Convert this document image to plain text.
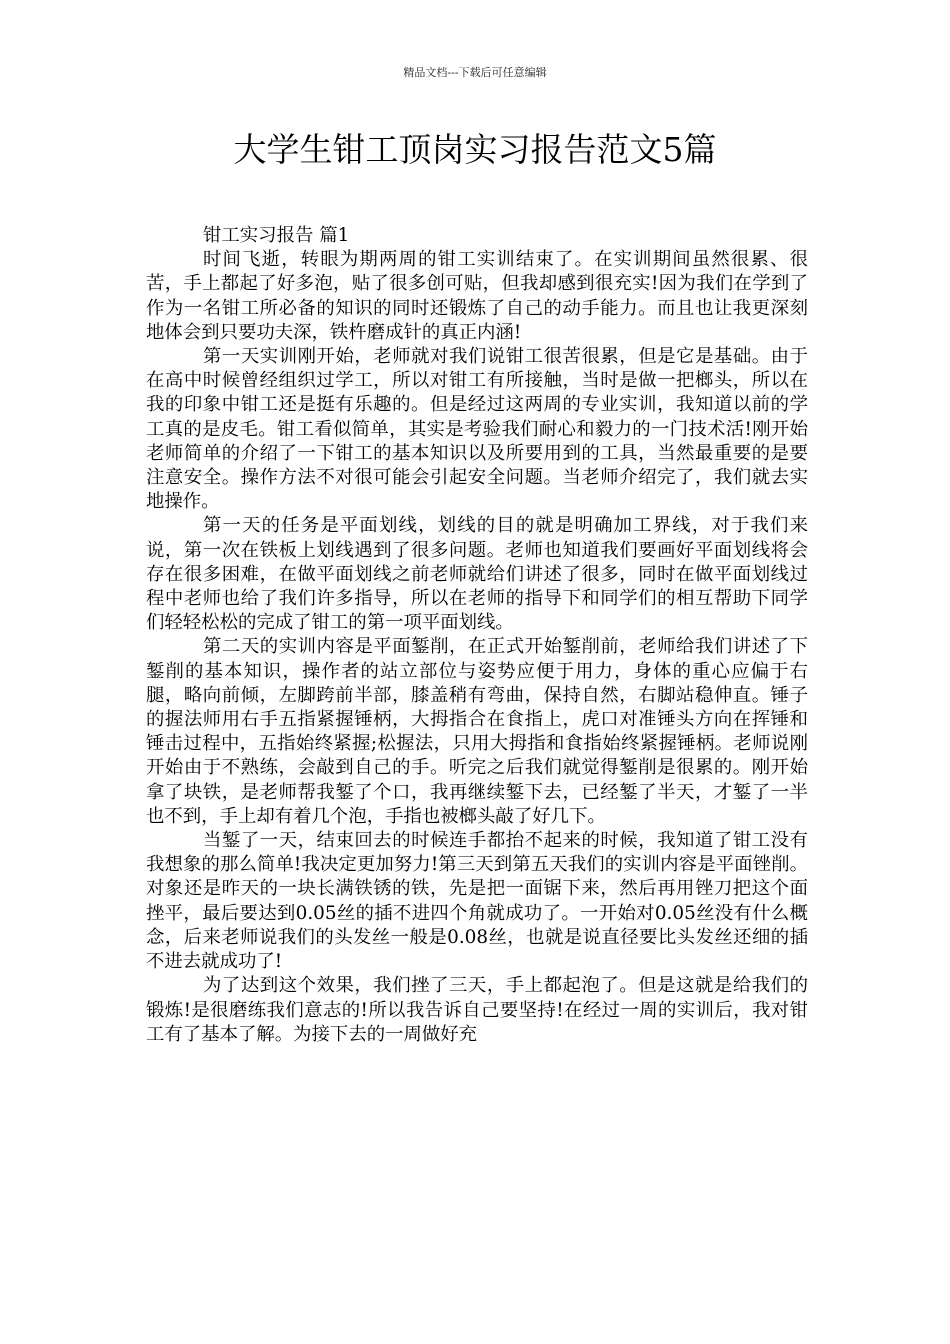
精品文档---下载后可任意编辑
大学生钳工顶岗实习报告范文5篇

钳工实习报告 篇1

时间飞逝，转眼为期两周的钳工实训结束了。在实训期间虽然很累、很苦，手上都起了好多泡，贴了很多创可贴，但我却感到很充实!因为我们在学到了作为一名钳工所必备的知识的同时还锻炼了自己的动手能力。而且也让我更深刻地体会到只要功夫深，铁杵磨成针的真正内涵!

第一天实训刚开始，老师就对我们说钳工很苦很累，但是它是基础。由于在高中时候曾经组织过学工，所以对钳工有所接触，当时是做一把榔头，所以在我的印象中钳工还是挺有乐趣的。但是经过这两周的专业实训，我知道以前的学工真的是皮毛。钳工看似简单，其实是考验我们耐心和毅力的一门技术活!刚开始老师简单的介绍了一下钳工的基本知识以及所要用到的工具，当然最重要的是要注意安全。操作方法不对很可能会引起安全问题。当老师介绍完了，我们就去实地操作。

第一天的任务是平面划线，划线的目的就是明确加工界线，对于我们来说，第一次在铁板上划线遇到了很多问题。老师也知道我们要画好平面划线将会存在很多困难，在做平面划线之前老师就给们讲述了很多，同时在做平面划线过程中老师也给了我们许多指导，所以在老师的指导下和同学们的相互帮助下同学们轻轻松松的完成了钳工的第一项平面划线。

第二天的实训内容是平面錾削，在正式开始錾削前，老师给我们讲述了下錾削的基本知识，操作者的站立部位与姿势应便于用力，身体的重心应偏于右腿，略向前倾，左脚跨前半部，膝盖稍有弯曲，保持自然，右脚站稳伸直。锤子的握法师用右手五指紧握锤柄，大拇指合在食指上，虎口对准锤头方向在挥锤和锤击过程中，五指始终紧握;松握法，只用大拇指和食指始终紧握锤柄。老师说刚开始由于不熟练，会敲到自己的手。听完之后我们就觉得錾削是很累的。刚开始拿了块铁，是老师帮我錾了个口，我再继续錾下去，已经錾了半天，才錾了一半也不到，手上却有着几个泡，手指也被榔头敲了好几下。

当錾了一天，结束回去的时候连手都抬不起来的时候，我知道了钳工没有我想象的那么简单!我决定更加努力!第三天到第五天我们的实训内容是平面锉削。对象还是昨天的一块长满铁锈的铁，先是把一面锯下来，然后再用锉刀把这个面挫平，最后要达到0.05丝的插不进四个角就成功了。一开始对0.05丝没有什么概念，后来老师说我们的头发丝一般是0.08丝，也就是说直径要比头发丝还细的插不进去就成功了!

为了达到这个效果，我们挫了三天，手上都起泡了。但是这就是给我们的锻炼!是很磨练我们意志的!所以我告诉自己要坚持!在经过一周的实训后，我对钳工有了基本了解。为接下去的一周做好充
